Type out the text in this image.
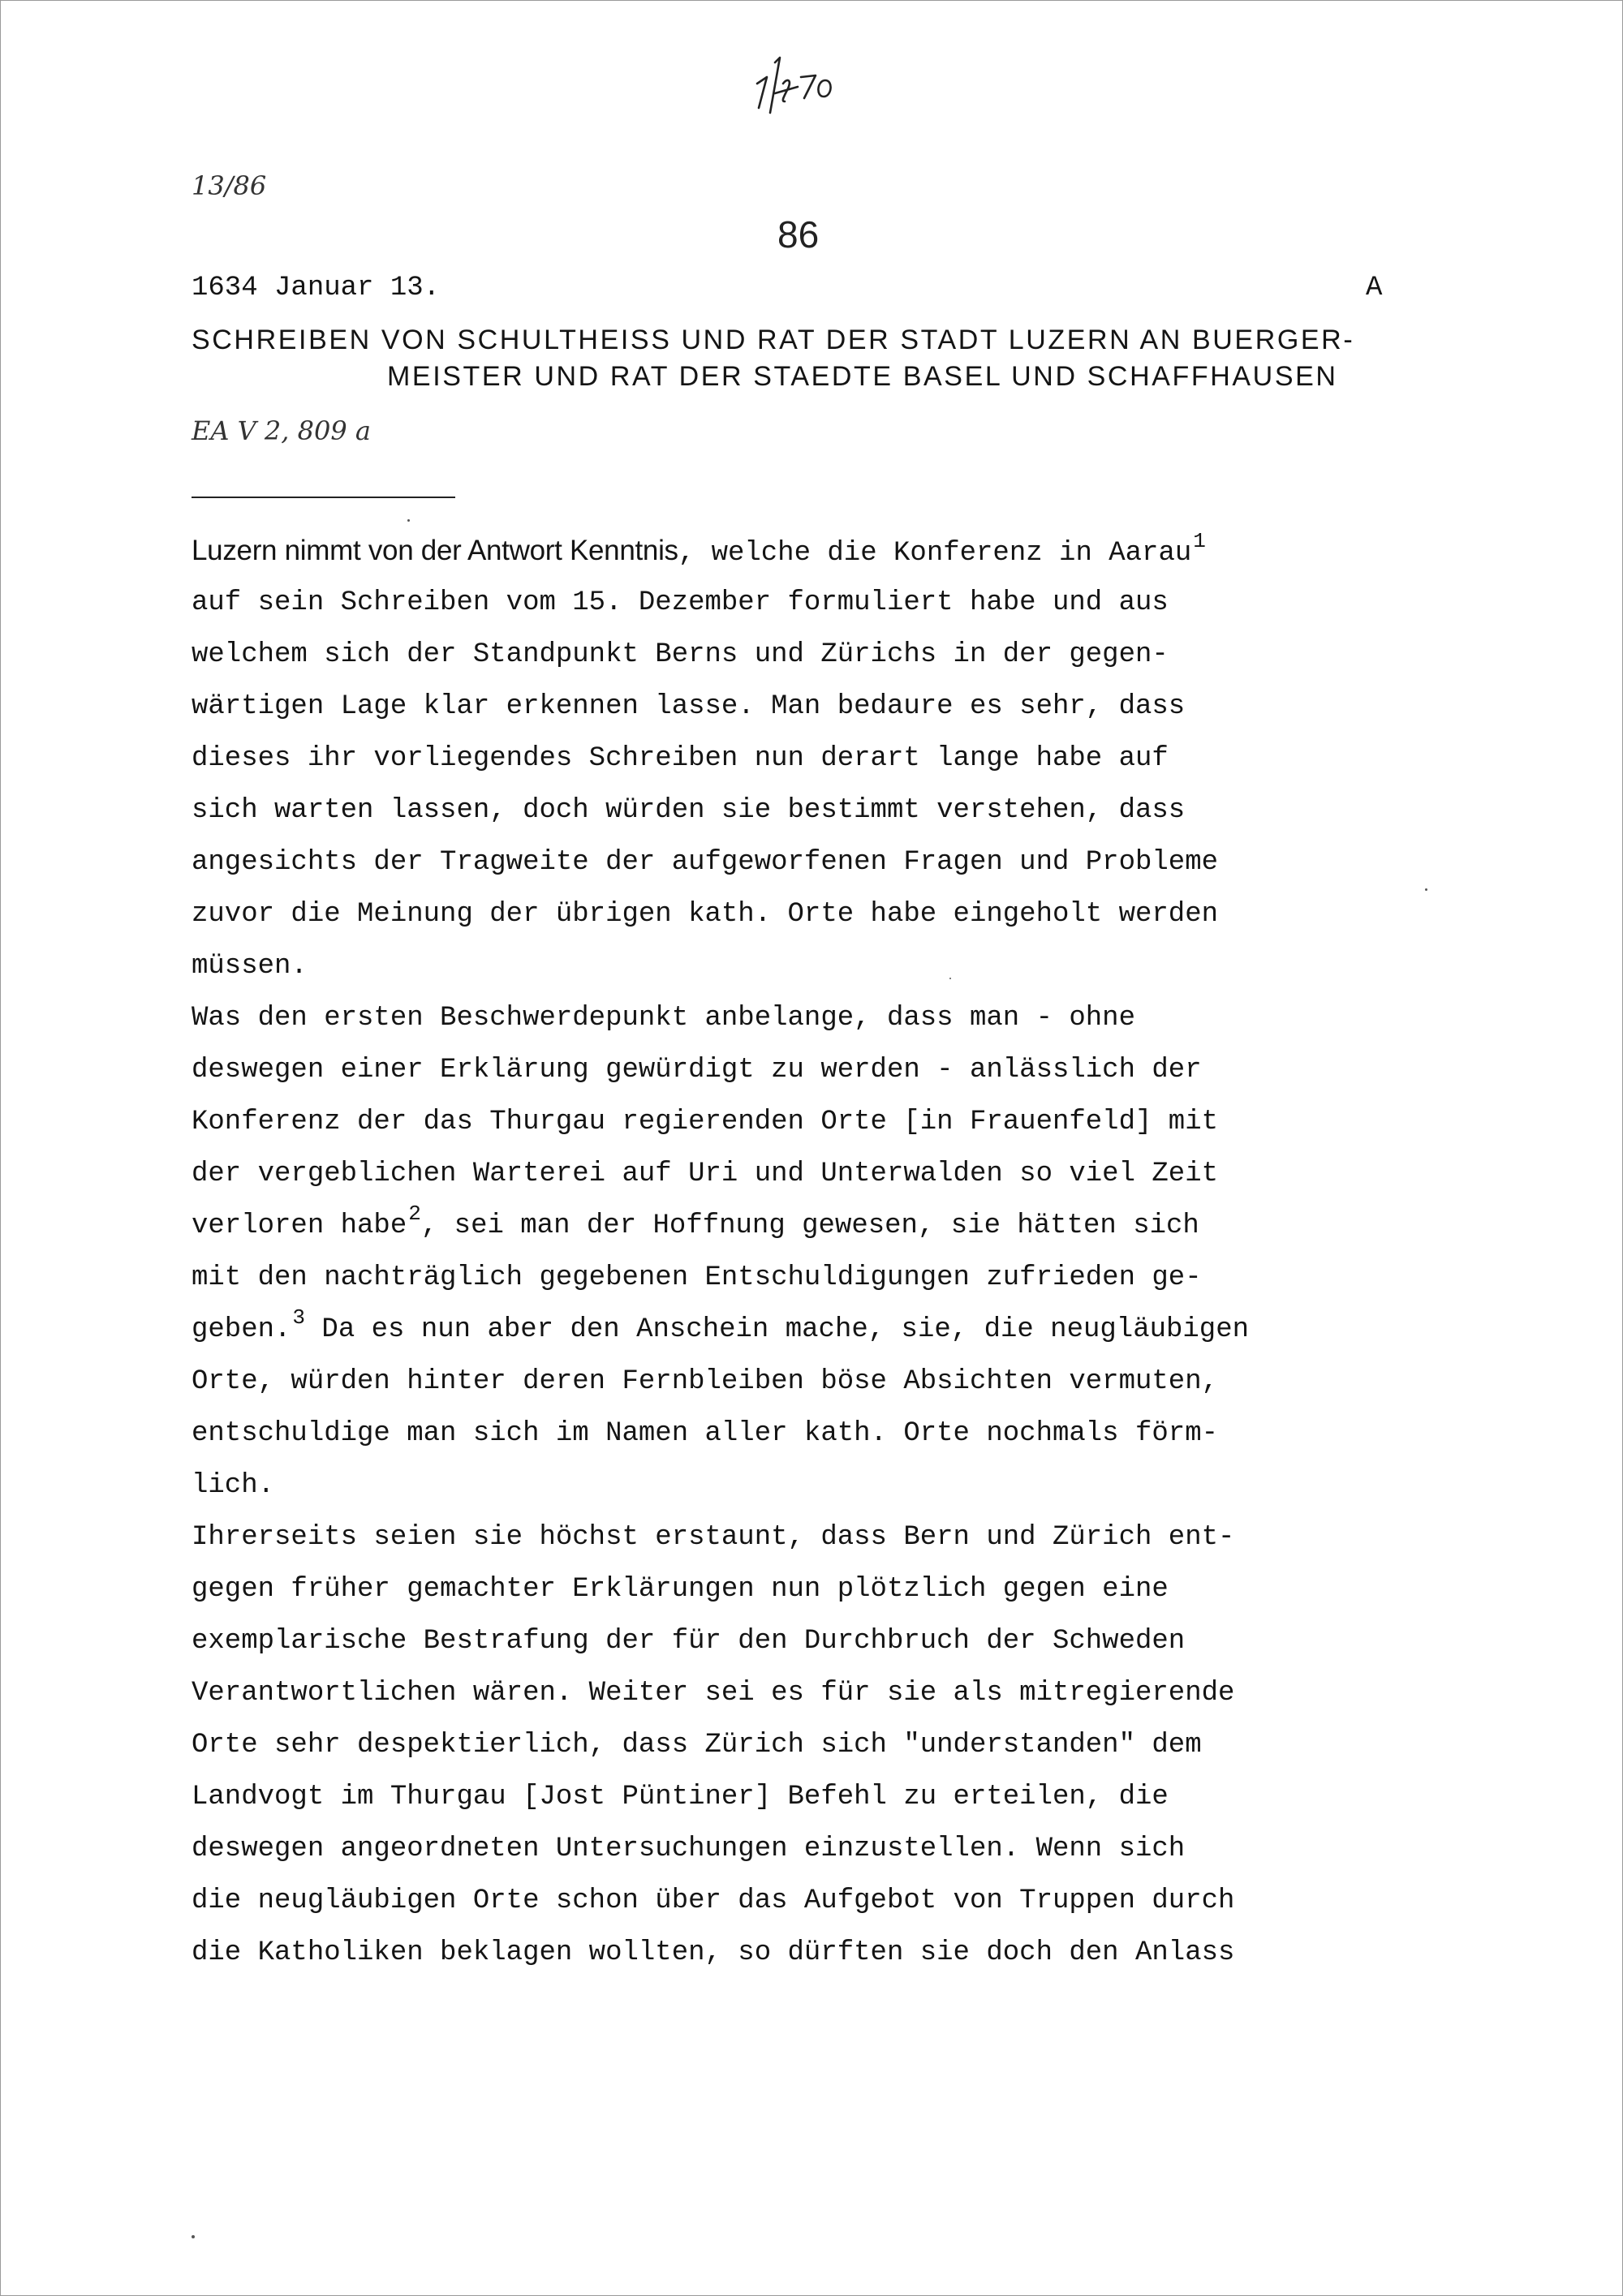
13/86
86
1634 Januar 13.	A
SCHREIBEN VON SCHULTHEISS UND RAT DER STADT LUZERN AN BUERGER-
MEISTER UND RAT DER STAEDTE BASEL UND SCHAFFHAUSEN
EA V 2, 809 a
Luzern nimmt von der Antwort Kenntnis, welche die Konferenz in Aarau$^1$
auf sein Schreiben vom 15. Dezember formuliert habe und aus
welchem sich der Standpunkt Berns und Zürichs in der gegen-
wärtigen Lage klar erkennen lasse. Man bedaure es sehr, dass
dieses ihr vorliegendes Schreiben nun derart lange habe auf
sich warten lassen, doch würden sie bestimmt verstehen, dass
angesichts der Tragweite der aufgeworfenen Fragen und Probleme
zuvor die Meinung der übrigen kath. Orte habe eingeholt werden
müssen.
Was den ersten Beschwerdepunkt anbelange, dass man - ohne
deswegen einer Erklärung gewürdigt zu werden - anlässlich der
Konferenz der das Thurgau regierenden Orte [in Frauenfeld] mit
der vergeblichen Warterei auf Uri und Unterwalden so viel Zeit
verloren habe$^2$, sei man der Hoffnung gewesen, sie hätten sich
mit den nachträglich gegebenen Entschuldigungen zufrieden ge-
geben.$^3$ Da es nun aber den Anschein mache, sie, die neugläubigen
Orte, würden hinter deren Fernbleiben böse Absichten vermuten,
entschuldige man sich im Namen aller kath. Orte nochmals förm-
lich.
Ihrerseits seien sie höchst erstaunt, dass Bern und Zürich ent-
gegen früher gemachter Erklärungen nun plötzlich gegen eine
exemplarische Bestrafung der für den Durchbruch der Schweden
Verantwortlichen wären. Weiter sei es für sie als mitregierende
Orte sehr despektierlich, dass Zürich sich "understanden" dem
Landvogt im Thurgau [Jost Püntiner] Befehl zu erteilen, die
deswegen angeordneten Untersuchungen einzustellen. Wenn sich
die neugläubigen Orte schon über das Aufgebot von Truppen durch
die Katholiken beklagen wollten, so dürften sie doch den Anlass
